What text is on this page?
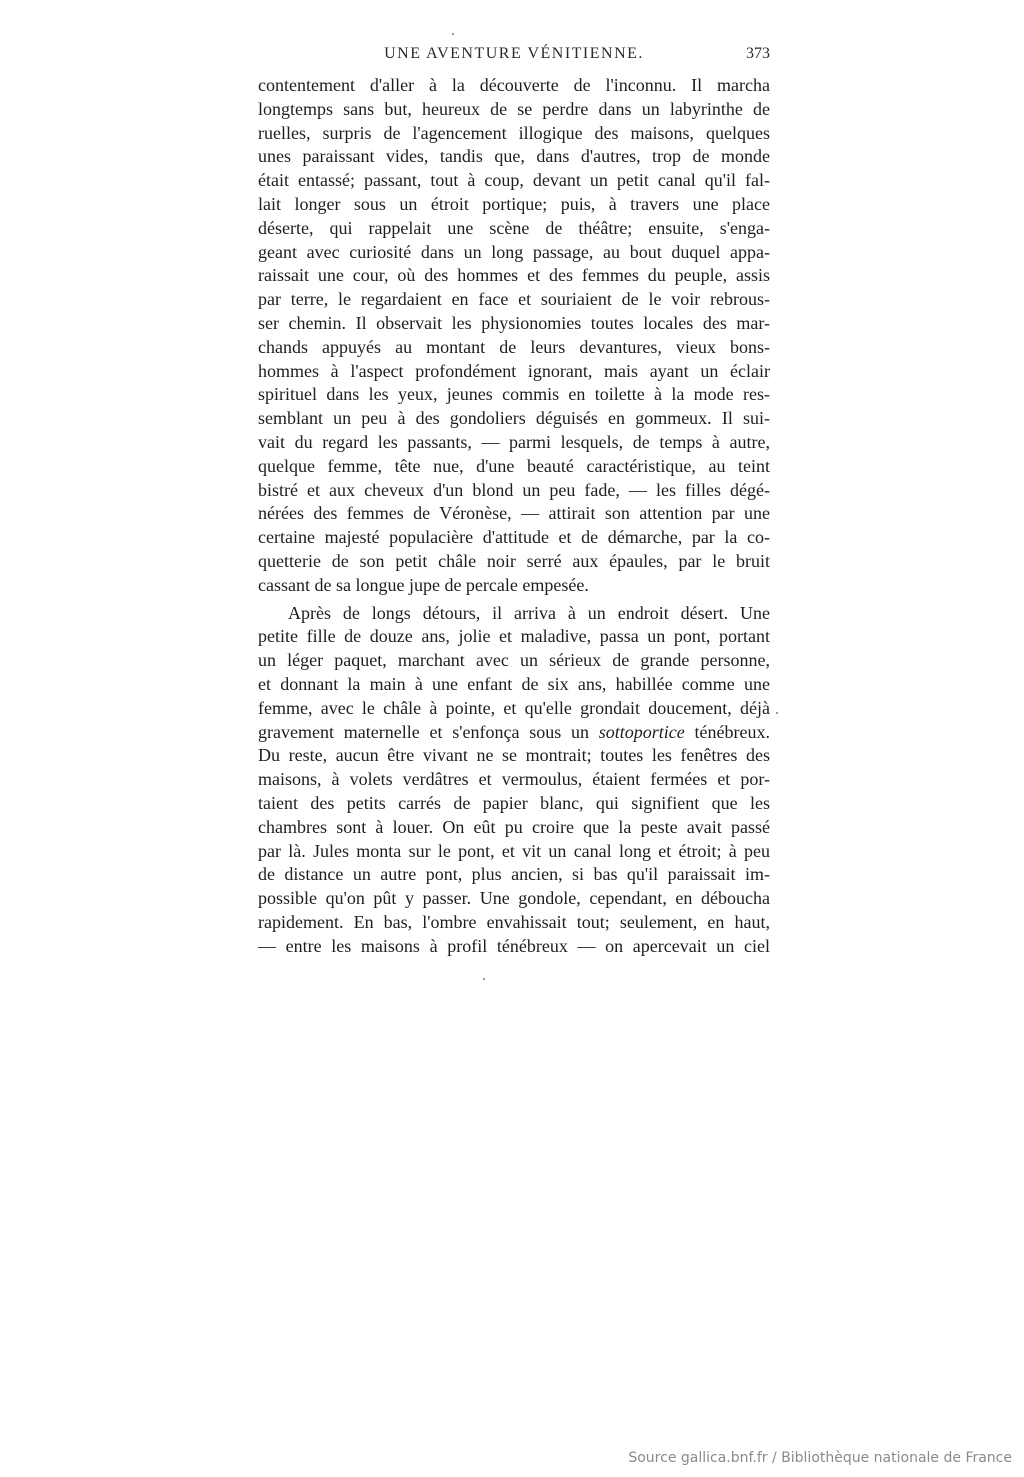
UNE AVENTURE VÉNITIENNE.	373
contentement d'aller à la découverte de l'inconnu. Il marcha
longtemps sans but, heureux de se perdre dans un labyrinthe de
ruelles, surpris de l'agencement illogique des maisons, quelques
unes paraissant vides, tandis que, dans d'autres, trop de monde
était entassé; passant, tout à coup, devant un petit canal qu'il fal-
lait longer sous un étroit portique; puis, à travers une place
déserte, qui rappelait une scène de théâtre; ensuite, s'enga-
geant avec curiosité dans un long passage, au bout duquel appa-
raissait une cour, où des hommes et des femmes du peuple, assis
par terre, le regardaient en face et souriaient de le voir rebrous-
ser chemin. Il observait les physionomies toutes locales des mar-
chands appuyés au montant de leurs devantures, vieux bons-
hommes à l'aspect profondément ignorant, mais ayant un éclair
spirituel dans les yeux, jeunes commis en toilette à la mode res-
semblant un peu à des gondoliers déguisés en gommeux. Il sui-
vait du regard les passants, — parmi lesquels, de temps à autre,
quelque femme, tête nue, d'une beauté caractéristique, au teint
bistré et aux cheveux d'un blond un peu fade, — les filles dégé-
nérées des femmes de Véronèse, — attirait son attention par une
certaine majesté populacière d'attitude et de démarche, par la co-
quetterie de son petit châle noir serré aux épaules, par le bruit
cassant de sa longue jupe de percale empesée.
Après de longs détours, il arriva à un endroit désert. Une
petite fille de douze ans, jolie et maladive, passa un pont, portant
un léger paquet, marchant avec un sérieux de grande personne,
et donnant la main à une enfant de six ans, habillée comme une
femme, avec le châle à pointe, et qu'elle grondait doucement, déjà
gravement maternelle et s'enfonça sous un sottoportice ténébreux.
Du reste, aucun être vivant ne se montrait; toutes les fenêtres des
maisons, à volets verdâtres et vermoulus, étaient fermées et por-
taient des petits carrés de papier blanc, qui signifient que les
chambres sont à louer. On eût pu croire que la peste avait passé
par là. Jules monta sur le pont, et vit un canal long et étroit; à peu
de distance un autre pont, plus ancien, si bas qu'il paraissait im-
possible qu'on pût y passer. Une gondole, cependant, en déboucha
rapidement. En bas, l'ombre envahissait tout; seulement, en haut,
— entre les maisons à profil ténébreux — on apercevait un ciel
Source gallica.bnf.fr / Bibliothèque nationale de France
